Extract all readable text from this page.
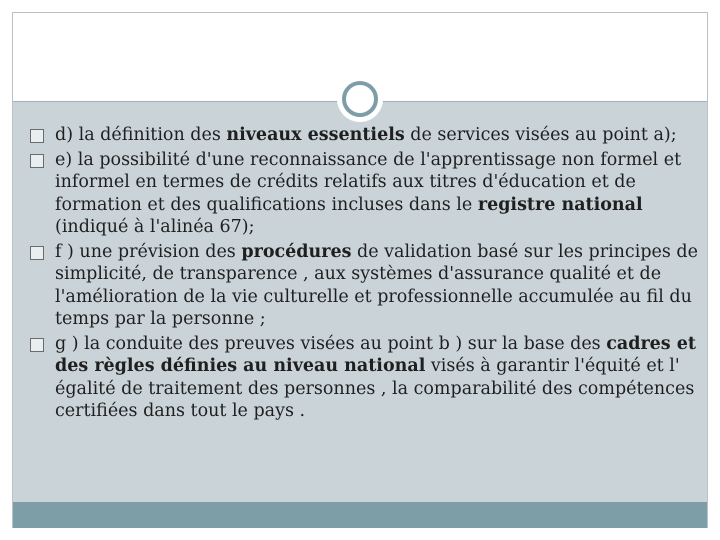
d) la définition des niveaux essentiels de services visées au point a);
e) la possibilité d'une reconnaissance de l'apprentissage non formel et informel en termes de crédits relatifs aux titres d'éducation et de formation et des qualifications incluses dans le registre national (indiqué à l'alinéa 67);
f ) une prévision des procédures de validation basé sur les principes de simplicité, de transparence , aux systèmes d'assurance qualité et de l'amélioration de la vie culturelle et professionnelle accumulée au fil du temps par la personne ;
g ) la conduite des preuves visées au point b ) sur la base des cadres et des règles définies au niveau national visés à garantir l'équité et l' égalité de traitement des personnes , la comparabilité des compétences certifiées dans tout le pays .
